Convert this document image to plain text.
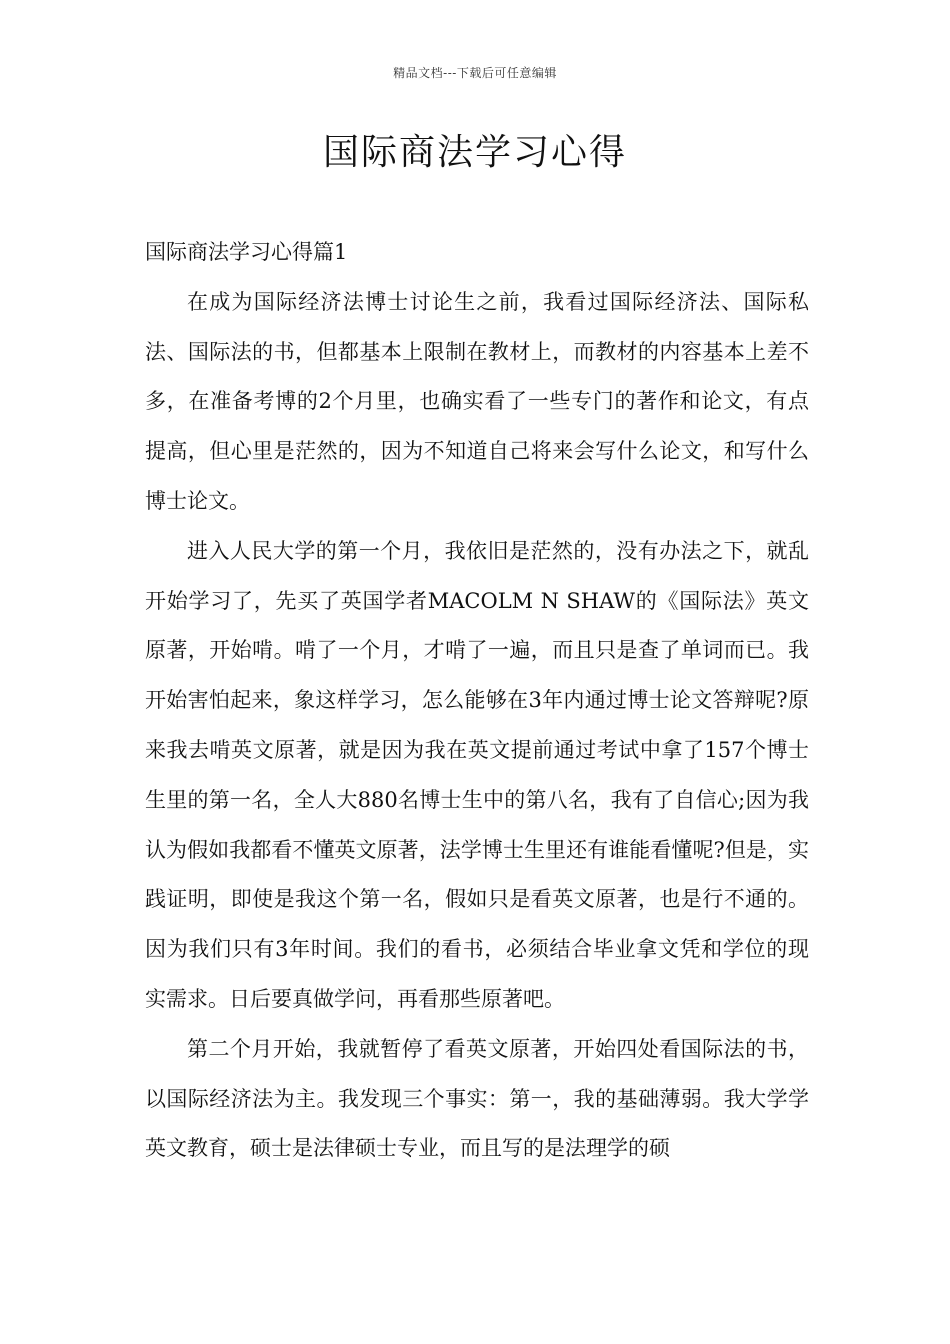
精品文档---下载后可任意编辑
国际商法学习心得

国际商法学习心得篇1

在成为国际经济法博士讨论生之前，我看过国际经济法、国际私法、国际法的书，但都基本上限制在教材上，而教材的内容基本上差不多，在准备考博的2个月里，也确实看了一些专门的著作和论文，有点提高，但心里是茫然的，因为不知道自己将来会写什么论文，和写什么博士论文。

进入人民大学的第一个月，我依旧是茫然的，没有办法之下，就乱开始学习了，先买了英国学者MACOLM N SHAW的《国际法》英文原著，开始啃。啃了一个月，才啃了一遍，而且只是查了单词而已。我开始害怕起来，象这样学习，怎么能够在3年内通过博士论文答辩呢?原来我去啃英文原著，就是因为我在英文提前通过考试中拿了157个博士生里的第一名，全人大880名博士生中的第八名，我有了自信心;因为我认为假如我都看不懂英文原著，法学博士生里还有谁能看懂呢?但是，实践证明，即使是我这个第一名，假如只是看英文原著，也是行不通的。因为我们只有3年时间。我们的看书，必须结合毕业拿文凭和学位的现实需求。日后要真做学问，再看那些原著吧。

第二个月开始，我就暂停了看英文原著，开始四处看国际法的书，以国际经济法为主。我发现三个事实：第一，我的基础薄弱。我大学学英文教育，硕士是法律硕士专业，而且写的是法理学的硕
